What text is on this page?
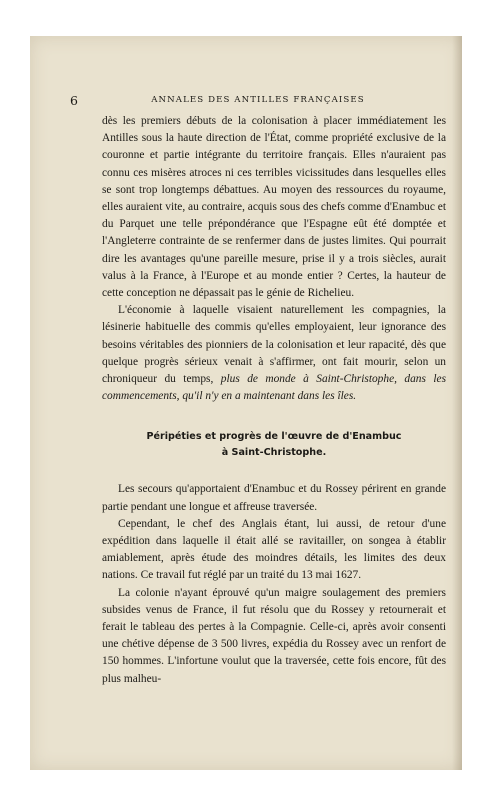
6	ANNALES DES ANTILLES FRANÇAISES

dès les premiers débuts de la colonisation à placer immédiatement les Antilles sous la haute direction de l'État, comme propriété exclusive de la couronne et partie intégrante du territoire français. Elles n'auraient pas connu ces misères atroces ni ces terribles vicissitudes dans lesquelles elles se sont trop longtemps débattues. Au moyen des ressources du royaume, elles auraient vite, au contraire, acquis sous des chefs comme d'Enambuc et du Parquet une telle prépondérance que l'Espagne eût été domptée et l'Angleterre contrainte de se renfermer dans de justes limites. Qui pourrait dire les avantages qu'une pareille mesure, prise il y a trois siècles, aurait valus à la France, à l'Europe et au monde entier ? Certes, la hauteur de cette conception ne dépassait pas le génie de Richelieu.

L'économie à laquelle visaient naturellement les compagnies, la lésinerie habituelle des commis qu'elles employaient, leur ignorance des besoins véritables des pionniers de la colonisation et leur rapacité, dès que quelque progrès sérieux venait à s'affirmer, ont fait mourir, selon un chroniqueur du temps, plus de monde à Saint-Christophe, dans les commencements, qu'il n'y en a maintenant dans les îles.

Péripéties et progrès de l'œuvre de d'Enambuc
à Saint-Christophe.

Les secours qu'apportaient d'Enambuc et du Rossey périrent en grande partie pendant une longue et affreuse traversée.

Cependant, le chef des Anglais étant, lui aussi, de retour d'une expédition dans laquelle il était allé se ravitailler, on songea à établir amiablement, après étude des moindres détails, les limites des deux nations. Ce travail fut réglé par un traité du 13 mai 1627.

La colonie n'ayant éprouvé qu'un maigre soulagement des premiers subsides venus de France, il fut résolu que du Rossey y retournerait et ferait le tableau des pertes à la Compagnie. Celle-ci, après avoir consenti une chétive dépense de 3 500 livres, expédia du Rossey avec un renfort de 150 hommes. L'infortune voulut que la traversée, cette fois encore, fût des plus malheu-
